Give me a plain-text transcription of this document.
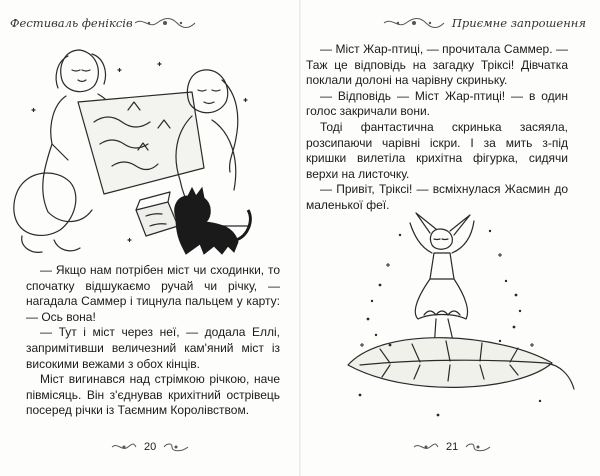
Фестиваль феніксів

— Якщо нам потрібен міст чи сходинки, то спочатку відшукаємо ручай чи річку, — нагадала Саммер і тицнула пальцем у карту: — Ось вона!

— Тут і міст через неї, — додала Еллі, запримітивши величезний кам'яний міст із високими вежами з обох кінців.

Міст вигинався над стрімкою річкою, наче півмісяць. Він з'єднував крихітний острівець посеред річки із Таємним Королівством.

20
Приємне запрошення

— Міст Жар-птиці, — прочитала Саммер. — Таж це відповідь на загадку Тріксі! Дівчатка поклали долоні на чарівну скриньку.

— Відповідь — Міст Жар-птиці! — в один голос закричали вони.

Тоді фантастична скринька засяяла, розсипаючи чарівні іскри. І за мить з-під кришки вилетіла крихітна фігурка, сидячи верхи на листочку.

— Привіт, Тріксі! — всміхнулася Жасмин до маленької феї.

21
